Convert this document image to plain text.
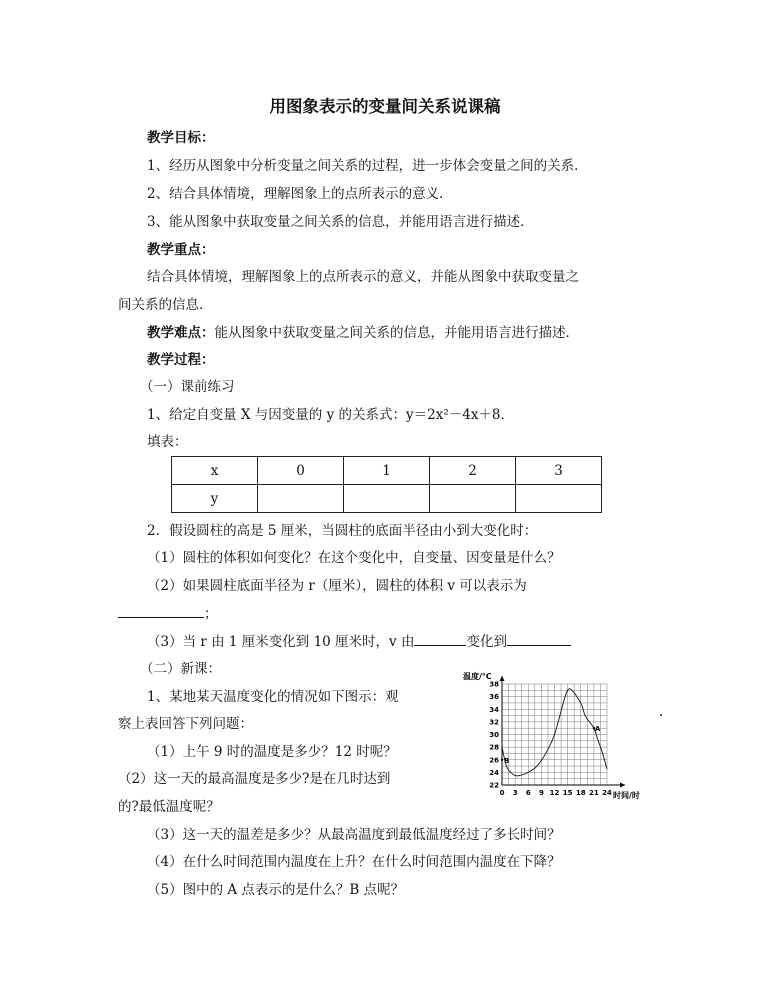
用图象表示的变量间关系说课稿
教学目标：
1、经历从图象中分析变量之间关系的过程，进一步体会变量之间的关系．
2、结合具体情境，理解图象上的点所表示的意义．
3、能从图象中获取变量之间关系的信息，并能用语言进行描述．
教学重点：
结合具体情境，理解图象上的点所表示的意义，并能从图象中获取变量之
间关系的信息．
教学难点：能从图象中获取变量之间关系的信息，并能用语言进行描述．
教学过程：
（一）课前练习
1、给定自变量 X 与因变量的 y 的关系式：y＝2x²－4x＋8．
填表：
x	0	1	2	3
y				
2．假设圆柱的高是 5 厘米，当圆柱的底面半径由小到大变化时：
（1）圆柱的体积如何变化？在这个变化中，自变量、因变量是什么？
（2）如果圆柱底面半径为 r（厘米），圆柱的体积 v 可以表示为
；
（3）当 r 由 1 厘米变化到 10 厘米时，v 由	变化到
（二）新课：
1、某地某天温度变化的情况如下图示：观
察上表回答下列问题：
（1）上午 9 时的温度是多少？12 时呢？
（2）这一天的最高温度是多少?是在几时达到
的?最低温度呢？
（3）这一天的温差是多少？从最高温度到最低温度经过了多长时间？
（4）在什么时间范围内温度在上升？在什么时间范围内温度在下降？
（5）图中的 A 点表示的是什么？B 点呢？
0 3 6 9 12 15 18 21 24
22
24
26
28
30
32
34
36
38
温度/℃
时间/时
A
B
